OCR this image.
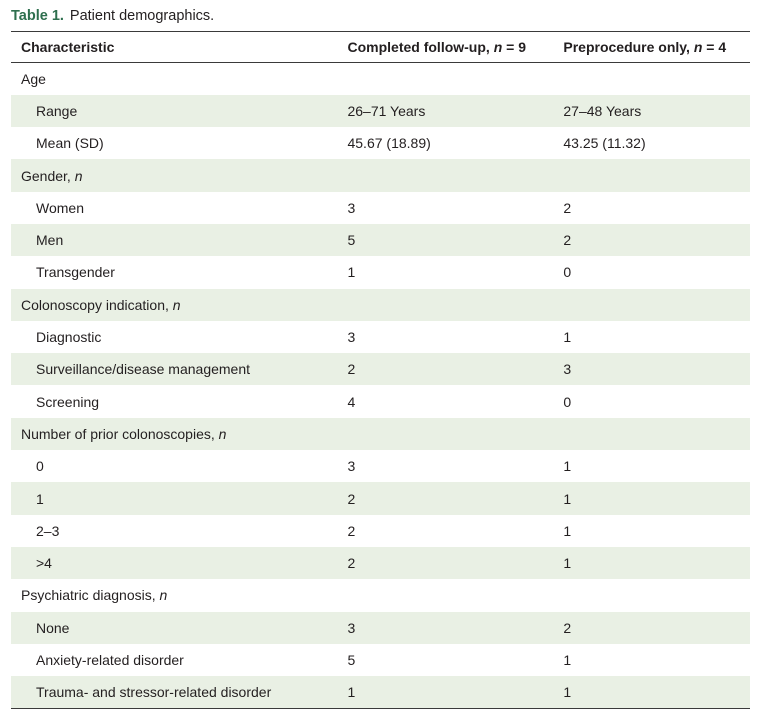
Table 1. Patient demographics.
Characteristic	Completed follow-up, n = 9	Preprocedure only, n = 4
Age		
Range	26–71 Years	27–48 Years
Mean (SD)	45.67 (18.89)	43.25 (11.32)
Gender, n		
Women	3	2
Men	5	2
Transgender	1	0
Colonoscopy indication, n		
Diagnostic	3	1
Surveillance/disease management	2	3
Screening	4	0
Number of prior colonoscopies, n		
0	3	1
1	2	1
2–3	2	1
>4	2	1
Psychiatric diagnosis, n		
None	3	2
Anxiety-related disorder	5	1
Trauma- and stressor-related disorder	1	1
